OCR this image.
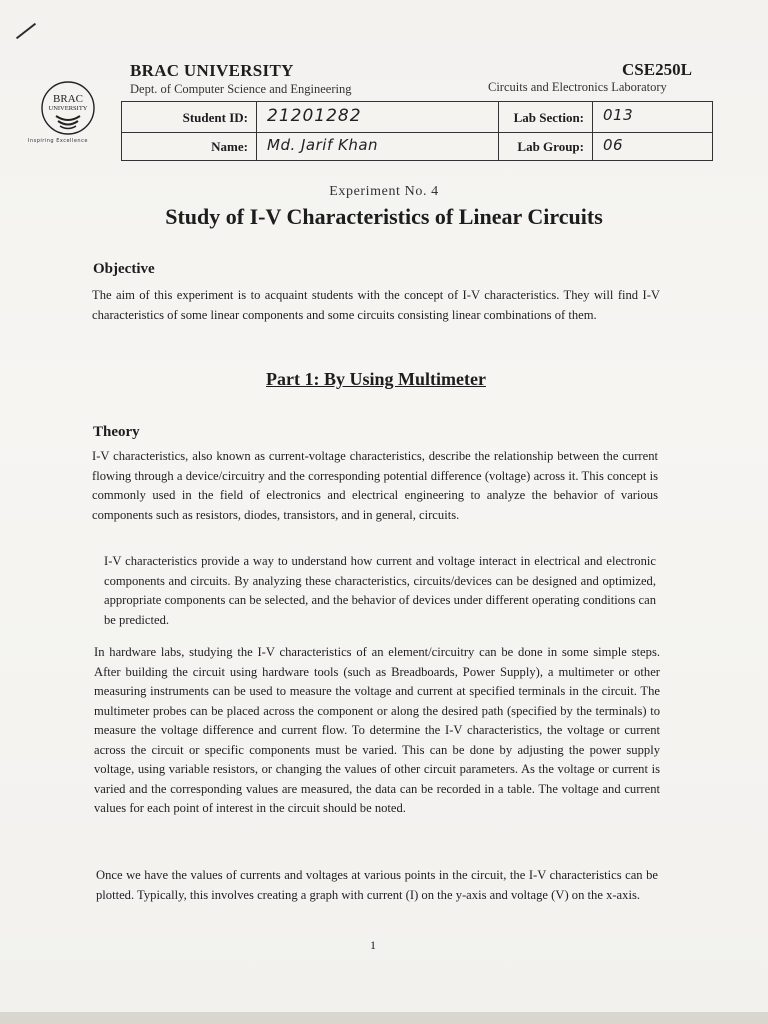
BRAC
UNIVERSITY
Inspiring Excellence
BRAC UNIVERSITY
Dept. of Computer Science and Engineering
CSE250L
Circuits and Electronics Laboratory
Student ID: 21201282	Lab Section: 013
Name: Md. Jarif Khan	Lab Group: 06
Experiment No. 4
Study of I-V Characteristics of Linear Circuits
Objective
The aim of this experiment is to acquaint students with the concept of I-V characteristics. They will find I-V characteristics of some linear components and some circuits consisting linear combinations of them.
Part 1: By Using Multimeter
Theory
I-V characteristics, also known as current-voltage characteristics, describe the relationship between the current flowing through a device/circuitry and the corresponding potential difference (voltage) across it. This concept is commonly used in the field of electronics and electrical engineering to analyze the behavior of various components such as resistors, diodes, transistors, and in general, circuits.
I-V characteristics provide a way to understand how current and voltage interact in electrical and electronic components and circuits. By analyzing these characteristics, circuits/devices can be designed and optimized, appropriate components can be selected, and the behavior of devices under different operating conditions can be predicted.
In hardware labs, studying the I-V characteristics of an element/circuitry can be done in some simple steps. After building the circuit using hardware tools (such as Breadboards, Power Supply), a multimeter or other measuring instruments can be used to measure the voltage and current at specified terminals in the circuit. The multimeter probes can be placed across the component or along the desired path (specified by the terminals) to measure the voltage difference and current flow. To determine the I-V characteristics, the voltage or current across the circuit or specific components must be varied. This can be done by adjusting the power supply voltage, using variable resistors, or changing the values of other circuit parameters. As the voltage or current is varied and the corresponding values are measured, the data can be recorded in a table. The voltage and current values for each point of interest in the circuit should be noted.
Once we have the values of currents and voltages at various points in the circuit, the I-V characteristics can be plotted. Typically, this involves creating a graph with current (I) on the y-axis and voltage (V) on the x-axis.
1
